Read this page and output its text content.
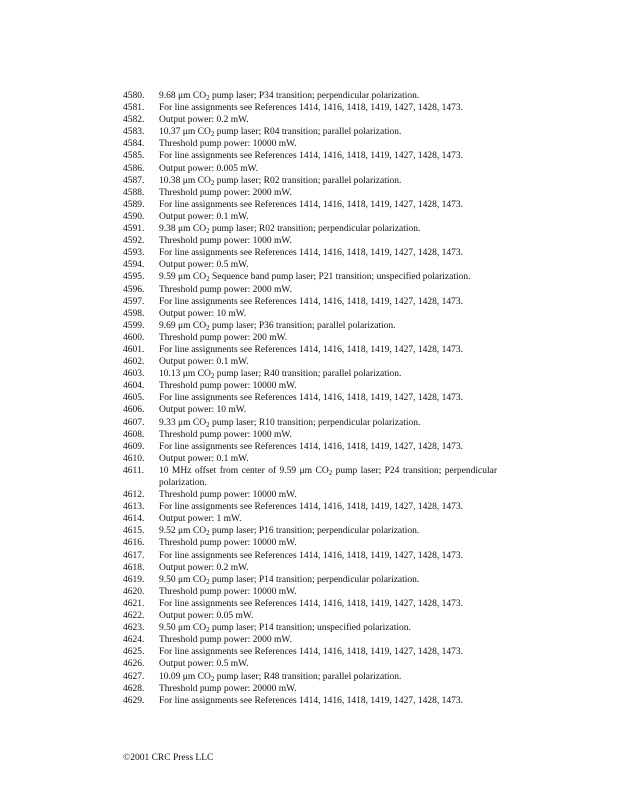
4580. 9.68 μm $CO_2$ pump laser; P34 transition; perpendicular polarization.
4581. For line assignments see References 1414, 1416, 1418, 1419, 1427, 1428, 1473.
4582. Output power: 0.2 mW.
4583. 10.37 μm $CO_2$ pump laser; R04 transition; parallel polarization.
4584. Threshold pump power: 10000 mW.
4585. For line assignments see References 1414, 1416, 1418, 1419, 1427, 1428, 1473.
4586. Output power: 0.005 mW.
4587. 10.38 μm $CO_2$ pump laser; R02 transition; parallel polarization.
4588. Threshold pump power: 2000 mW.
4589. For line assignments see References 1414, 1416, 1418, 1419, 1427, 1428, 1473.
4590. Output power: 0.1 mW.
4591. 9.38 μm $CO_2$ pump laser; R02 transition; perpendicular polarization.
4592. Threshold pump power: 1000 mW.
4593. For line assignments see References 1414, 1416, 1418, 1419, 1427, 1428, 1473.
4594. Output power: 0.5 mW.
4595. 9.59 μm $CO_2$ Sequence band pump laser; P21 transition; unspecified polarization.
4596. Threshold pump power: 2000 mW.
4597. For line assignments see References 1414, 1416, 1418, 1419, 1427, 1428, 1473.
4598. Output power: 10 mW.
4599. 9.69 μm $CO_2$ pump laser; P36 transition; parallel polarization.
4600. Threshold pump power: 200 mW.
4601. For line assignments see References 1414, 1416, 1418, 1419, 1427, 1428, 1473.
4602. Output power: 0.1 mW.
4603. 10.13 μm $CO_2$ pump laser; R40 transition; parallel polarization.
4604. Threshold pump power: 10000 mW.
4605. For line assignments see References 1414, 1416, 1418, 1419, 1427, 1428, 1473.
4606. Output power: 10 mW.
4607. 9.33 μm $CO_2$ pump laser; R10 transition; perpendicular polarization.
4608. Threshold pump power: 1000 mW.
4609. For line assignments see References 1414, 1416, 1418, 1419, 1427, 1428, 1473.
4610. Output power: 0.1 mW.
4611. 10 MHz offset from center of 9.59 μm $CO_2$ pump laser; P24 transition; perpendicular polarization.
4612. Threshold pump power: 10000 mW.
4613. For line assignments see References 1414, 1416, 1418, 1419, 1427, 1428, 1473.
4614. Output power: 1 mW.
4615. 9.52 μm $CO_2$ pump laser; P16 transition; perpendicular polarization.
4616. Threshold pump power: 10000 mW.
4617. For line assignments see References 1414, 1416, 1418, 1419, 1427, 1428, 1473.
4618. Output power: 0.2 mW.
4619. 9.50 μm $CO_2$ pump laser; P14 transition; perpendicular polarization.
4620. Threshold pump power: 10000 mW.
4621. For line assignments see References 1414, 1416, 1418, 1419, 1427, 1428, 1473.
4622. Output power: 0.05 mW.
4623. 9.50 μm $CO_2$ pump laser; P14 transition; unspecified polarization.
4624. Threshold pump power: 2000 mW.
4625. For line assignments see References 1414, 1416, 1418, 1419, 1427, 1428, 1473.
4626. Output power: 0.5 mW.
4627. 10.09 μm $CO_2$ pump laser; R48 transition; parallel polarization.
4628. Threshold pump power: 20000 mW.
4629. For line assignments see References 1414, 1416, 1418, 1419, 1427, 1428, 1473.
©2001 CRC Press LLC
